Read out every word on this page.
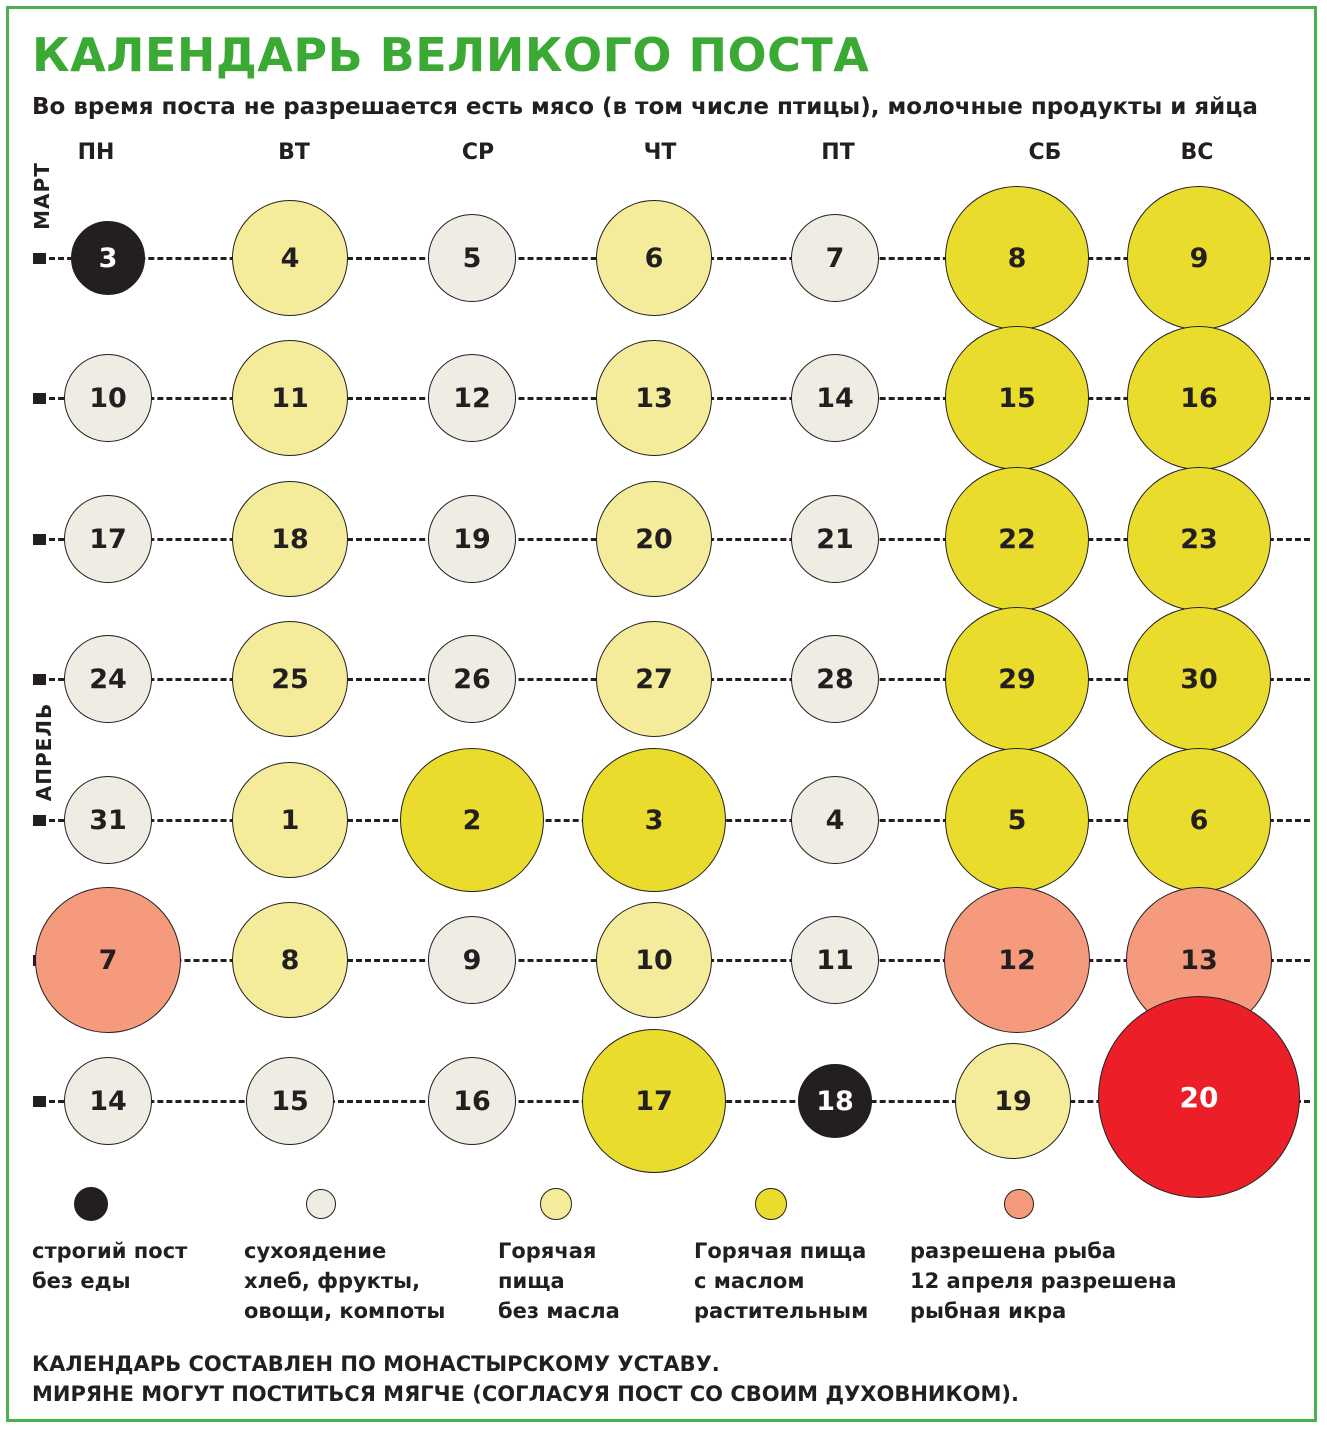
КАЛЕНДАРЬ ВЕЛИКОГО ПОСТА

Во время поста не разрешается есть мясо (в том числе птицы), молочные продукты и яйца

ПН	ВТ	СР	ЧТ	ПТ	СБ	ВС
МАРТ
АПРЕЛЬ
3	4	5	6	7	8	9
10	11	12	13	14	15	16
17	18	19	20	21	22	23
24	25	26	27	28	29	30
31	1	2	3	4	5	6
7	8	9	10	11	12	13
14	15	16	17	18	19	20
строгий пост
без еды
сухоядение
хлеб, фрукты,
овощи, компоты
Горячая
пища
без масла
Горячая пища
с маслом
растительным
разрешена рыба
12 апреля разрешена
рыбная икра
КАЛЕНДАРЬ СОСТАВЛЕН ПО МОНАСТЫРСКОМУ УСТАВУ.
МИРЯНЕ МОГУТ ПОСТИТЬСЯ МЯГЧЕ (СОГЛАСУЯ ПОСТ СО СВОИМ ДУХОВНИКОМ).
